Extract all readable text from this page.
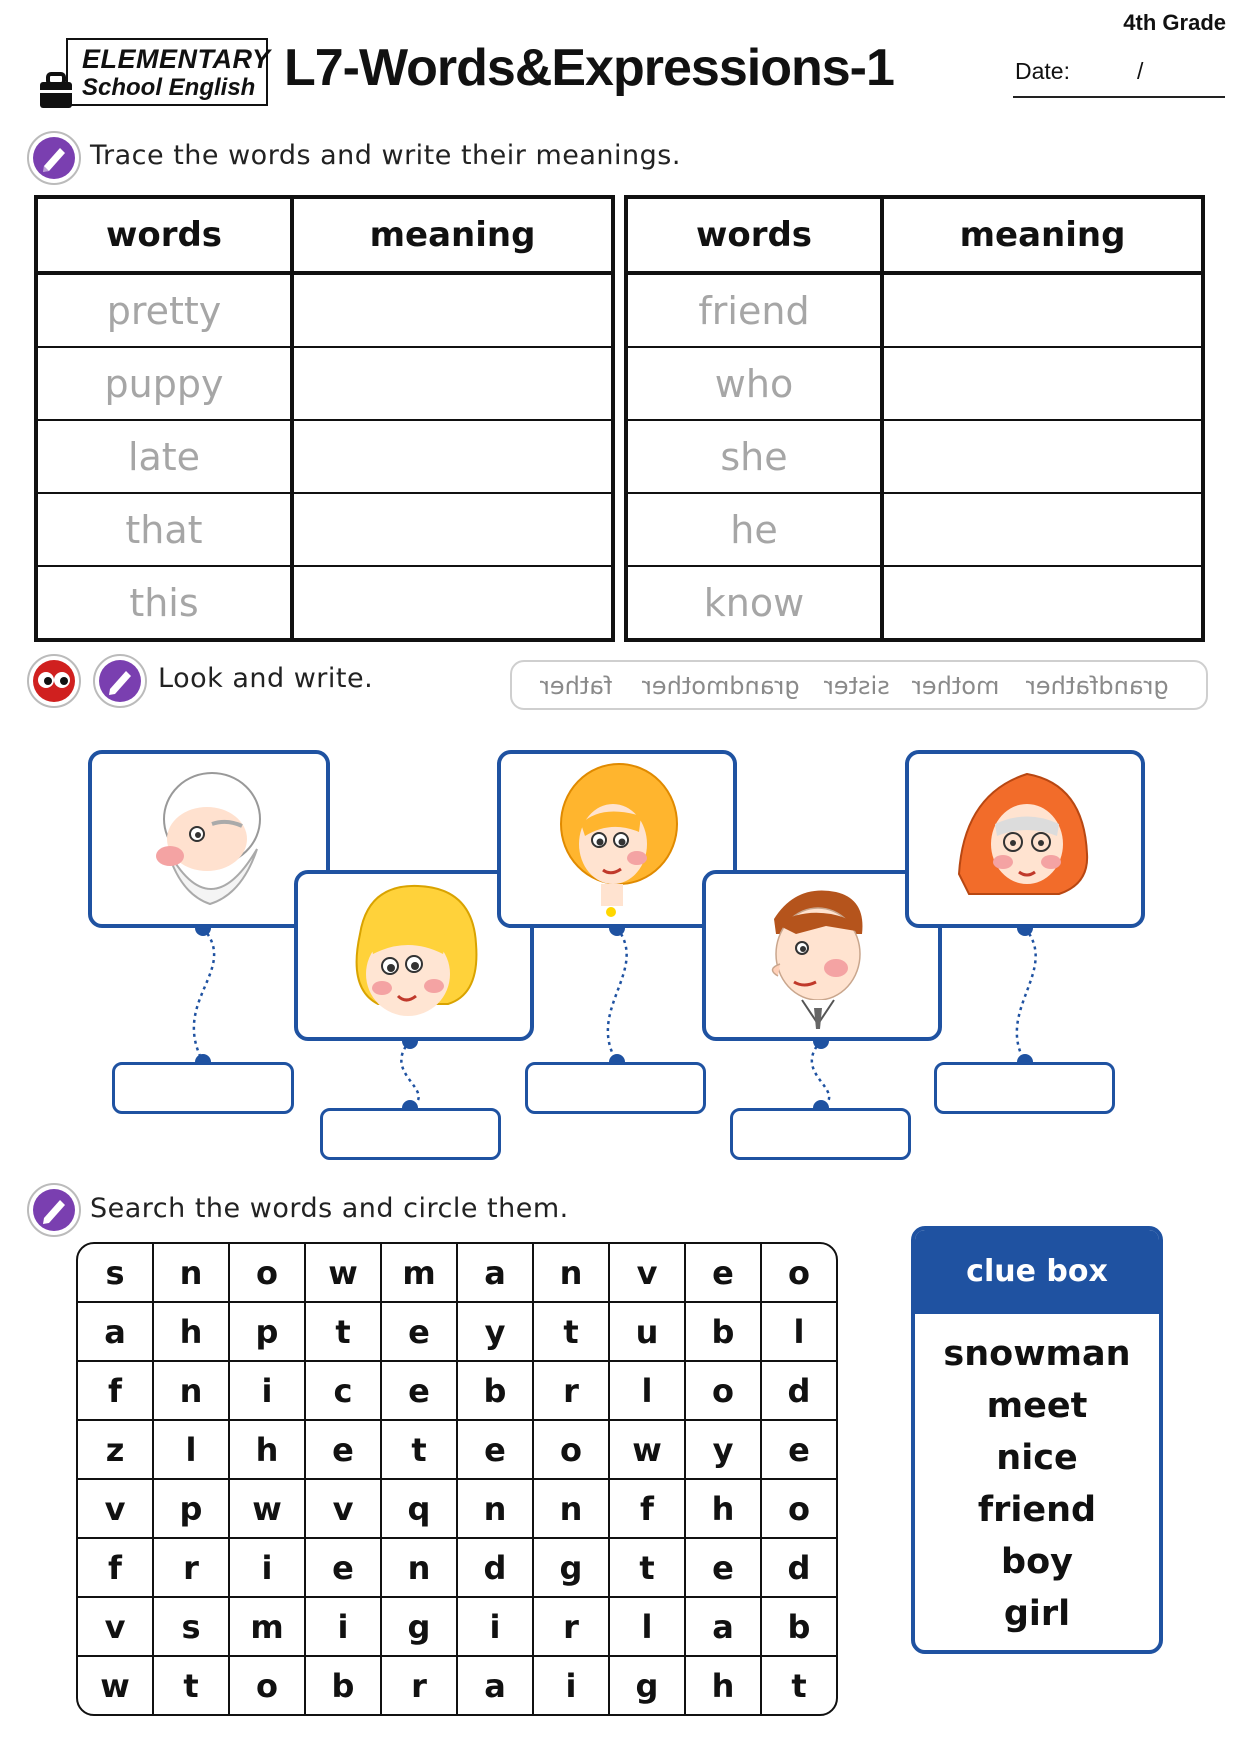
4th Grade
ELEMENTARY
School English L7-Words&Expressions-1	Date:	/
Trace the words and write their meanings.
words	meaning
pretty	
puppy	
late	
that	
this	
words	meaning
friend	
who	
she	
he	
know	
Look and write.	father grandmother sister mother grandfather
Search the words and circle them.
s	n	o	w	m	a	n	v	e	o
a	h	p	t	e	y	t	u	b	l
f	n	i	c	e	b	r	l	o	d
z	l	h	e	t	e	o	w	y	e
v	p	w	v	q	n	n	f	h	o
f	r	i	e	n	d	g	t	e	d
v	s	m	i	g	i	r	l	a	b
w	t	o	b	r	a	i	g	h	t
clue box
snowman
meet
nice
friend
boy
girl
